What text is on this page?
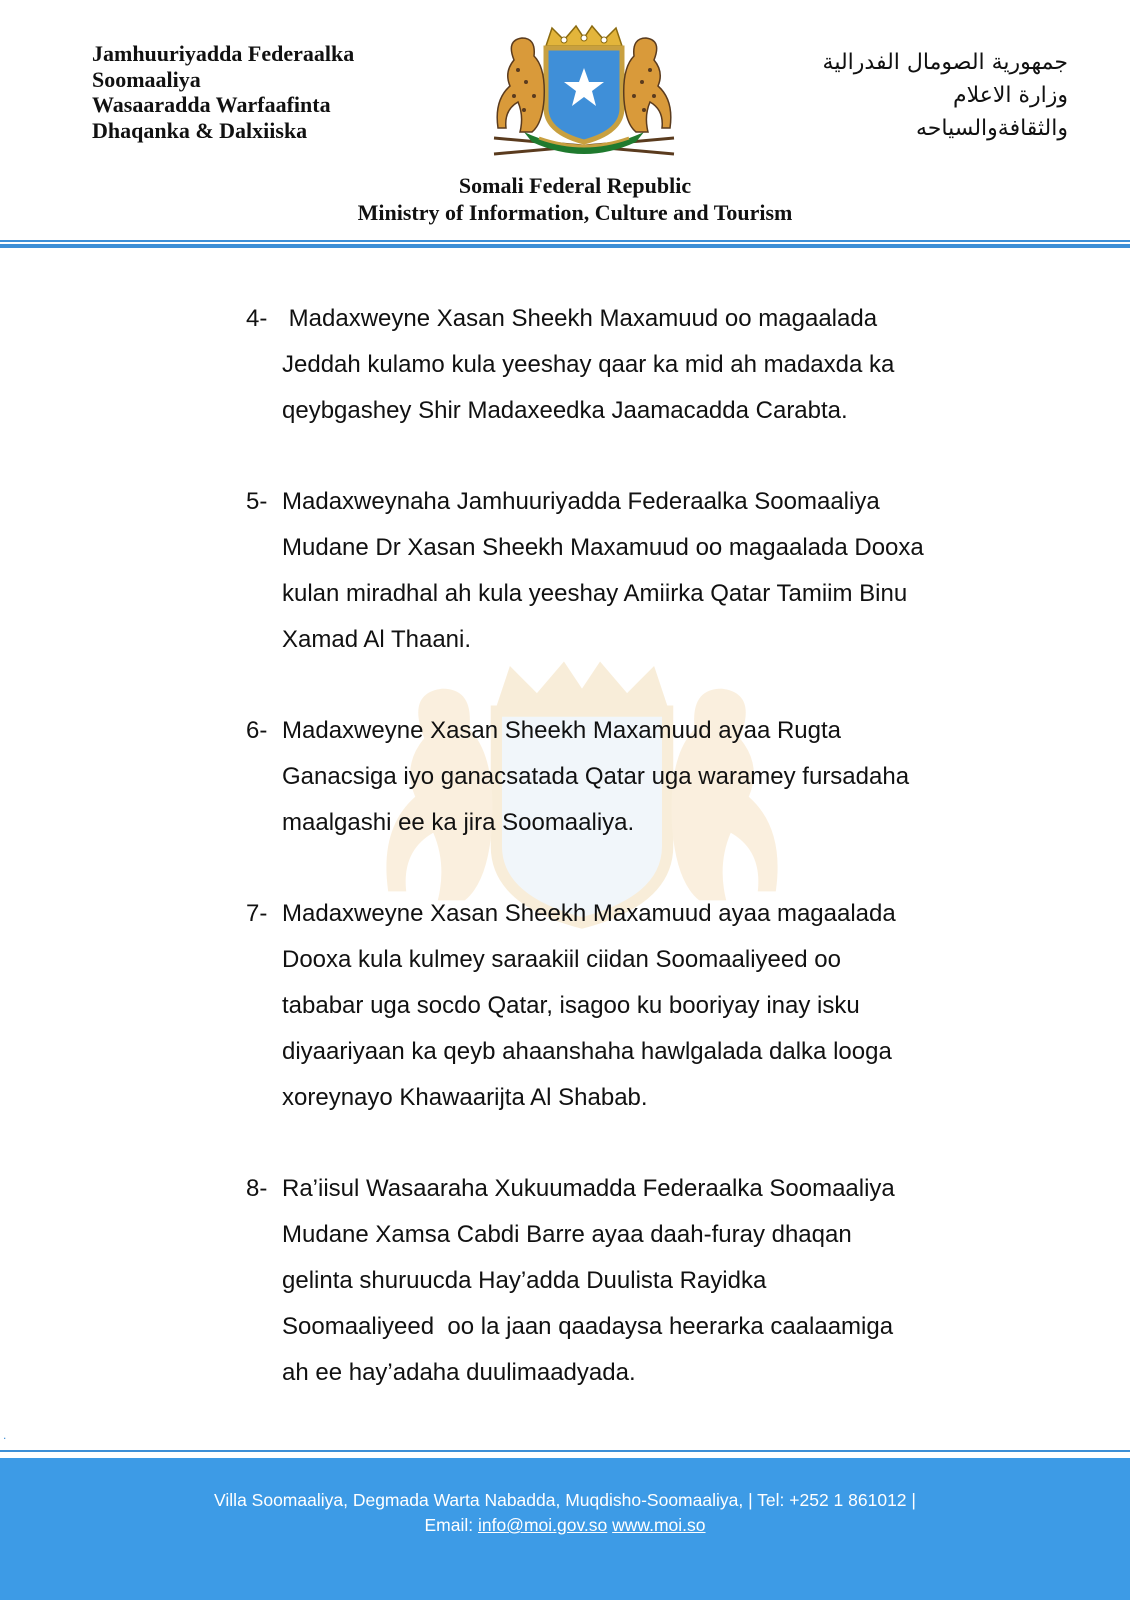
Jamhuuriyadda Federaalka
Soomaaliya
Wasaaradda Warfaafinta
Dhaqanka & Dalxiiska
جمهورية الصومال الفدرالية
وزارة الاعلام
والثقافةوالسياحه
Somali Federal Republic
Ministry of Information, Culture and Tourism
4- Madaxweyne Xasan Sheekh Maxamuud oo magaalada
Jeddah kulamo kula yeeshay qaar ka mid ah madaxda ka
qeybgashey Shir Madaxeedka Jaamacadda Carabta.
5- Madaxweynaha Jamhuuriyadda Federaalka Soomaaliya
Mudane Dr Xasan Sheekh Maxamuud oo magaalada Dooxa
kulan miradhal ah kula yeeshay Amiirka Qatar Tamiim Binu
Xamad Al Thaani.
6- Madaxweyne Xasan Sheekh Maxamuud ayaa Rugta
Ganacsiga iyo ganacsatada Qatar uga waramey fursadaha
maalgashi ee ka jira Soomaaliya.
7- Madaxweyne Xasan Sheekh Maxamuud ayaa magaalada
Dooxa kula kulmey saraakiil ciidan Soomaaliyeed oo
tababar uga socdo Qatar, isagoo ku booriyay inay isku
diyaariyaan ka qeyb ahaanshaha hawlgalada dalka looga
xoreynayo Khawaarijta Al Shabab.
8- Ra’iisul Wasaaraha Xukuumadda Federaalka Soomaaliya
Mudane Xamsa Cabdi Barre ayaa daah-furay dhaqan
gelinta shuruucda Hay’adda Duulista Rayidka
Soomaaliyeed  oo la jaan qaadaysa heerarka caalaamiga
ah ee hay’adaha duulimaadyada.
.
Villa Soomaaliya, Degmada Warta Nabadda, Muqdisho-Soomaaliya, | Tel: +252 1 861012 |
Email: info@moi.gov.so www.moi.so
